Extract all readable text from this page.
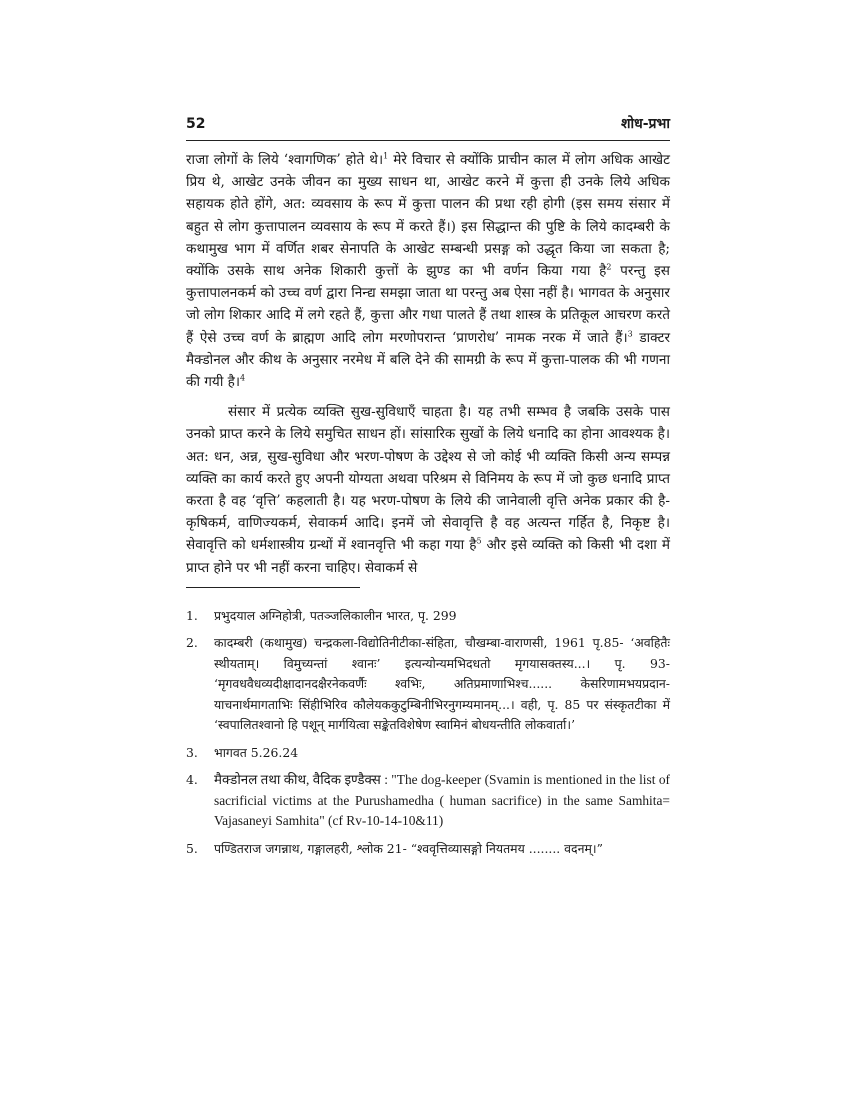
52	शोध-प्रभा

राजा लोगों के लिये ‘श्वागणिक’ होते थे।$^1$ मेरे विचार से क्योंकि प्राचीन काल में लोग अधिक आखेट प्रिय थे, आखेट उनके जीवन का मुख्य साधन था, आखेट करने में कुत्ता ही उनके लिये अधिक सहायक होते होंगे, अत: व्यवसाय के रूप में कुत्ता पालन की प्रथा रही होगी (इस समय संसार में बहुत से लोग कुत्तापालन व्यवसाय के रूप में करते हैं।) इस सिद्धान्त की पुष्टि के लिये कादम्बरी के कथामुख भाग में वर्णित शबर सेनापति के आखेट सम्बन्धी प्रसङ्ग को उद्धृत किया जा सकता है; क्योंकि उसके साथ अनेक शिकारी कुत्तों के झुण्ड का भी वर्णन किया गया है$^2$ परन्तु इस कुत्तापालनकर्म को उच्च वर्ण द्वारा निन्द्य समझा जाता था परन्तु अब ऐसा नहीं है। भागवत के अनुसार जो लोग शिकार आदि में लगे रहते हैं, कुत्ता और गधा पालते हैं तथा शास्त्र के प्रतिकूल आचरण करते हैं ऐसे उच्च वर्ण के ब्राह्मण आदि लोग मरणोपरान्त ‘प्राणरोध’ नामक नरक में जाते हैं।$^3$ डाक्टर मैक्डोनल और कीथ के अनुसार नरमेध में बलि देने की सामग्री के रूप में कुत्ता-पालक की भी गणना की गयी है।$^4$

संसार में प्रत्येक व्यक्ति सुख-सुविधाएँ चाहता है। यह तभी सम्भव है जबकि उसके पास उनको प्राप्त करने के लिये समुचित साधन हों। सांसारिक सुखों के लिये धनादि का होना आवश्यक है। अत: धन, अन्न, सुख-सुविधा और भरण-पोषण के उद्देश्य से जो कोई भी व्यक्ति किसी अन्य सम्पन्न व्यक्ति का कार्य करते हुए अपनी योग्यता अथवा परिश्रम से विनिमय के रूप में जो कुछ धनादि प्राप्त करता है वह ‘वृत्ति’ कहलाती है। यह भरण-पोषण के लिये की जानेवाली वृत्ति अनेक प्रकार की है- कृषिकर्म, वाणिज्यकर्म, सेवाकर्म आदि। इनमें जो सेवावृत्ति है वह अत्यन्त गर्हित है, निकृष्ट है। सेवावृत्ति को धर्मशास्त्रीय ग्रन्थों में श्वानवृत्ति भी कहा गया है$^5$ और इसे व्यक्ति को किसी भी दशा में प्राप्त होने पर भी नहीं करना चाहिए। सेवाकर्म से

1.	प्रभुदयाल अग्निहोत्री, पतञ्जलिकालीन भारत, पृ. 299
2.	कादम्बरी (कथामुख) चन्द्रकला-विद्योतिनीटीका-संहिता, चौखम्बा-वाराणसी, 1961 पृ.85- ‘अवहितैः स्थीयताम्। विमुच्यन्तां श्वानः’ इत्यन्योन्यमभिदधतो मृगयासक्तस्य...। पृ. 93- ‘मृगवधवैधव्यदीक्षादानदक्षैरनेकवर्णैः श्वभिः, अतिप्रमाणाभिश्च...... केसरिणामभयप्रदान-याचनार्थमागताभिः सिंहीभिरिव कौलेयककुटुम्बिनीभिरनुगम्यमानम्...। वही, पृ. 85 पर संस्कृतटीका में ‘स्वपालितश्वानो हि पशून् मार्गयित्वा सङ्केतविशेषेण स्वामिनं बोधयन्तीति लोकवार्ता।’
3.	भागवत 5.26.24
4.	मैक्डोनल तथा कीथ, वैदिक इण्डैक्स : "The dog-keeper (Svamin is mentioned in the list of sacrificial victims at the Purushamedha ( human sacrifice) in the same Samhita= Vajasaneyi Samhita" (cf Rv-10-14-10&11)
5.	पण्डितराज जगन्नाथ, गङ्गालहरी, श्लोक 21- “श्ववृत्तिव्यासङ्गो नियतमय ........ वदनम्।”
